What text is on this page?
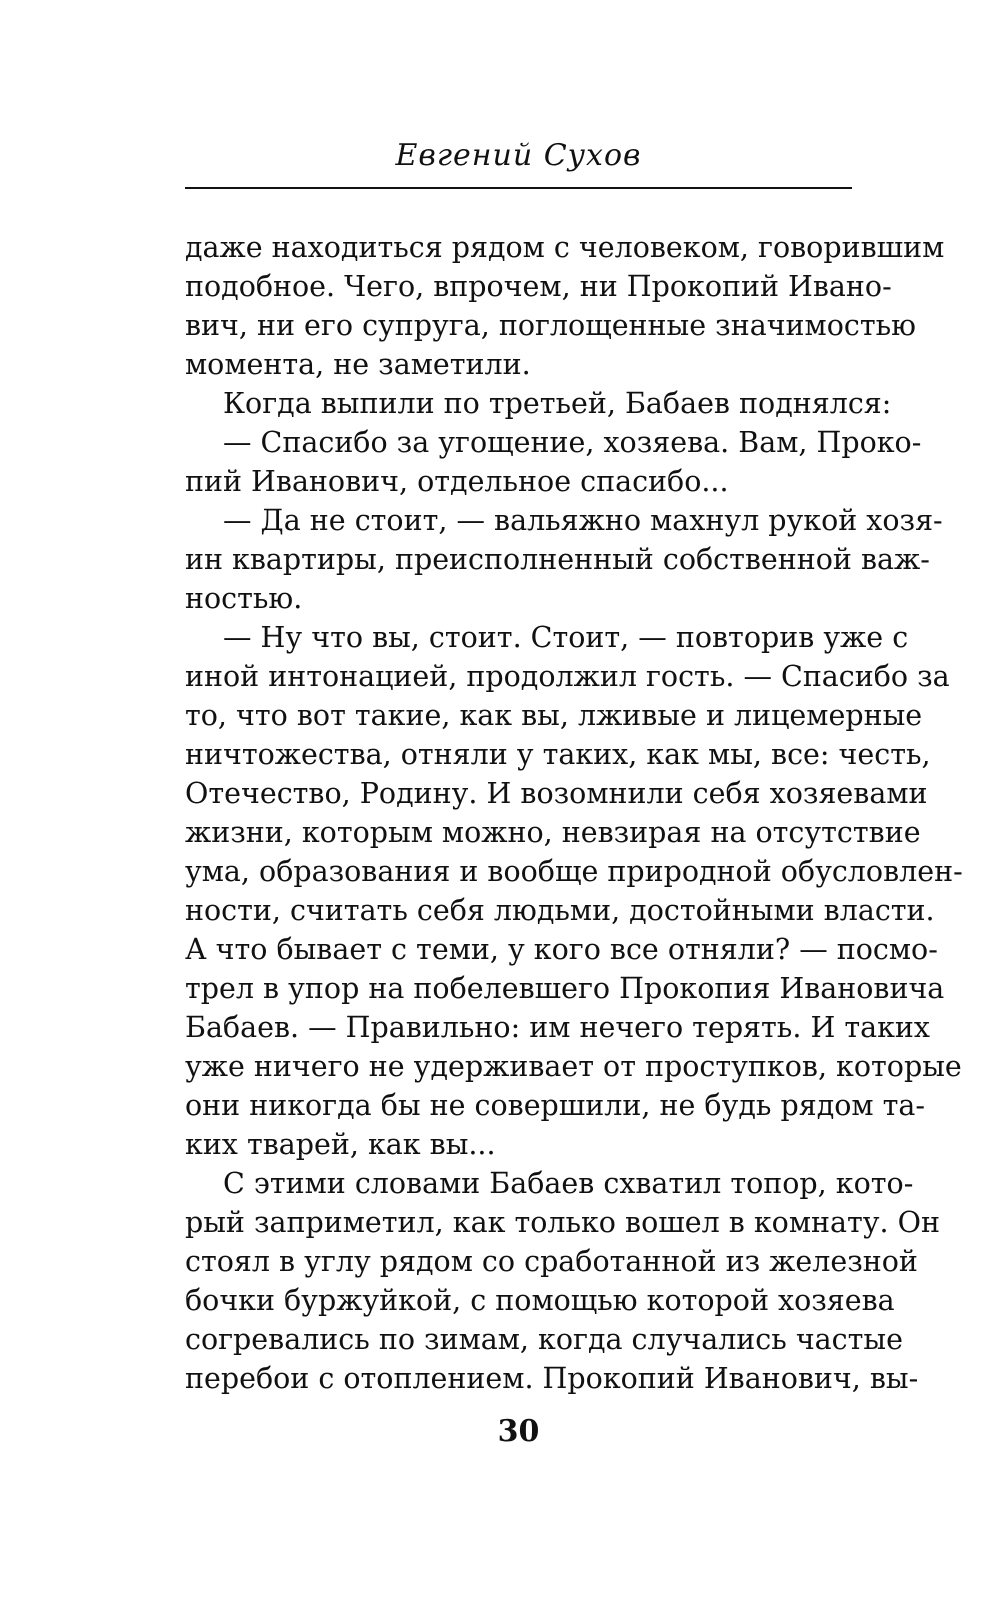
Евгений Сухов
даже находиться рядом с человеком, говорившим
подобное. Чего, впрочем, ни Прокопий Ивано-
вич, ни его супруга, поглощенные значимостью
момента, не заметили.
Когда выпили по третьей, Бабаев поднялся:
— Спасибо за угощение, хозяева. Вам, Проко-
пий Иванович, отдельное спасибо...
— Да не стоит, — вальяжно махнул рукой хозя-
ин квартиры, преисполненный собственной важ-
ностью.
— Ну что вы, стоит. Стоит, — повторив уже с
иной интонацией, продолжил гость. — Спасибо за
то, что вот такие, как вы, лживые и лицемерные
ничтожества, отняли у таких, как мы, все: честь,
Отечество, Родину. И возомнили себя хозяевами
жизни, которым можно, невзирая на отсутствие
ума, образования и вообще природной обусловлен-
ности, считать себя людьми, достойными власти.
А что бывает с теми, у кого все отняли? — посмо-
трел в упор на побелевшего Прокопия Ивановича
Бабаев. — Правильно: им нечего терять. И таких
уже ничего не удерживает от проступков, которые
они никогда бы не совершили, не будь рядом та-
ких тварей, как вы...
С этими словами Бабаев схватил топор, кото-
рый заприметил, как только вошел в комнату. Он
стоял в углу рядом со сработанной из железной
бочки буржуйкой, с помощью которой хозяева
согревались по зимам, когда случались частые
перебои с отоплением. Прокопий Иванович, вы-
30
